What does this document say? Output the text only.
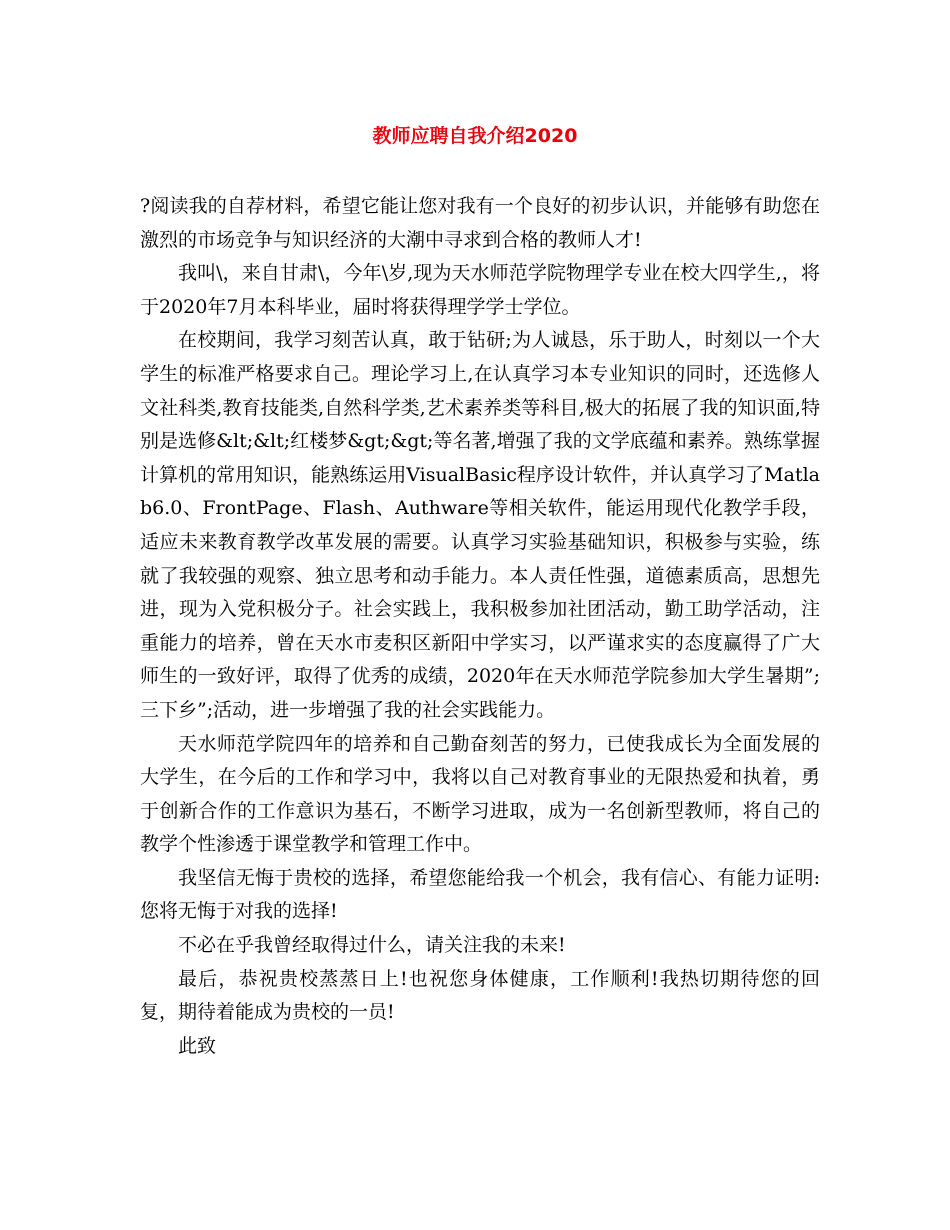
教师应聘自我介绍2020

?阅读我的自荐材料，希望它能让您对我有一个良好的初步认识，并能够有助您在激烈的市场竞争与知识经济的大潮中寻求到合格的教师人才!

我叫\，来自甘肃\，今年\岁,现为天水师范学院物理学专业在校大四学生,，将于2020年7月本科毕业，届时将获得理学学士学位。

在校期间，我学习刻苦认真，敢于钻研;为人诚恳，乐于助人，时刻以一个大学生的标准严格要求自己。理论学习上,在认真学习本专业知识的同时，还选修人文社科类,教育技能类,自然科学类,艺术素养类等科目,极大的拓展了我的知识面,特别是选修&lt;&lt;红楼梦&gt;&gt;等名著,增强了我的文学底蕴和素养。熟练掌握计算机的常用知识，能熟练运用VisualBasic程序设计软件，并认真学习了Matlab6.0、FrontPage、Flash、Authware等相关软件，能运用现代化教学手段，适应未来教育教学改革发展的需要。认真学习实验基础知识，积极参与实验，练就了我较强的观察、独立思考和动手能力。本人责任性强，道德素质高，思想先进，现为入党积极分子。社会实践上，我积极参加社团活动，勤工助学活动，注重能力的培养，曾在天水市麦积区新阳中学实习，以严谨求实的态度赢得了广大师生的一致好评，取得了优秀的成绩，2020年在天水师范学院参加大学生暑期”;三下乡”;活动，进一步增强了我的社会实践能力。

天水师范学院四年的培养和自己勤奋刻苦的努力，已使我成长为全面发展的大学生，在今后的工作和学习中，我将以自己对教育事业的无限热爱和执着，勇于创新合作的工作意识为基石，不断学习进取，成为一名创新型教师，将自己的教学个性渗透于课堂教学和管理工作中。

我坚信无悔于贵校的选择，希望您能给我一个机会，我有信心、有能力证明:您将无悔于对我的选择!

不必在乎我曾经取得过什么，请关注我的未来!

最后，恭祝贵校蒸蒸日上!也祝您身体健康，工作顺利!我热切期待您的回复，期待着能成为贵校的一员!

此致
